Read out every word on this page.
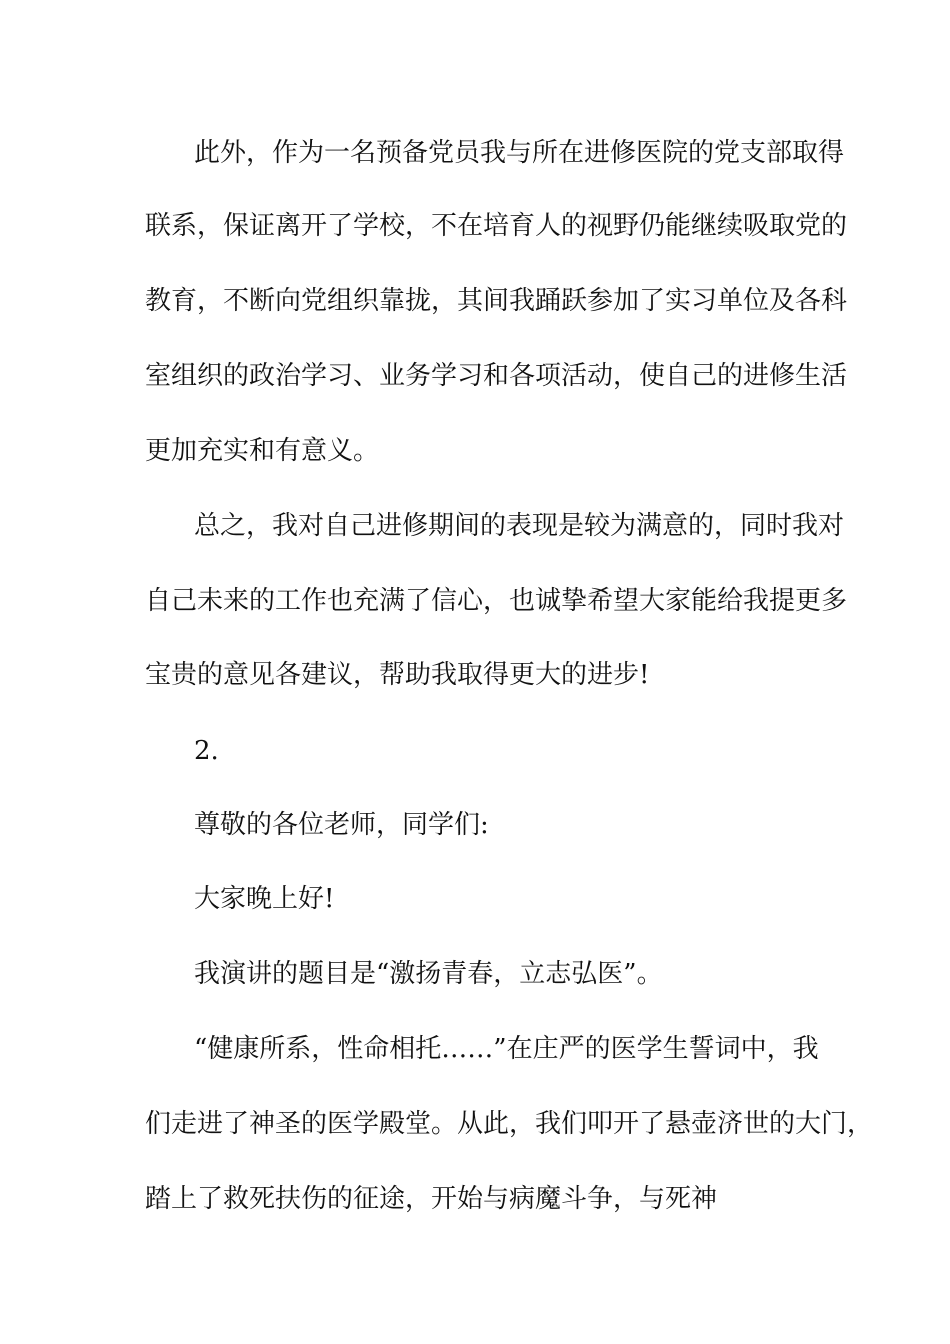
此外，作为一名预备党员我与所在进修医院的党支部取得

联系，保证离开了学校，不在培育人的视野仍能继续吸取党的

教育，不断向党组织靠拢，其间我踊跃参加了实习单位及各科

室组织的政治学习、业务学习和各项活动，使自己的进修生活

更加充实和有意义。

总之，我对自己进修期间的表现是较为满意的，同时我对

自己未来的工作也充满了信心，也诚挚希望大家能给我提更多

宝贵的意见各建议，帮助我取得更大的进步!

2.

尊敬的各位老师，同学们:

大家晚上好!

我演讲的题目是“激扬青春，立志弘医”。

“健康所系，性命相托……”在庄严的医学生誓词中，我

们走进了神圣的医学殿堂。从此，我们叩开了悬壶济世的大门，

踏上了救死扶伤的征途，开始与病魔斗争，与死神
